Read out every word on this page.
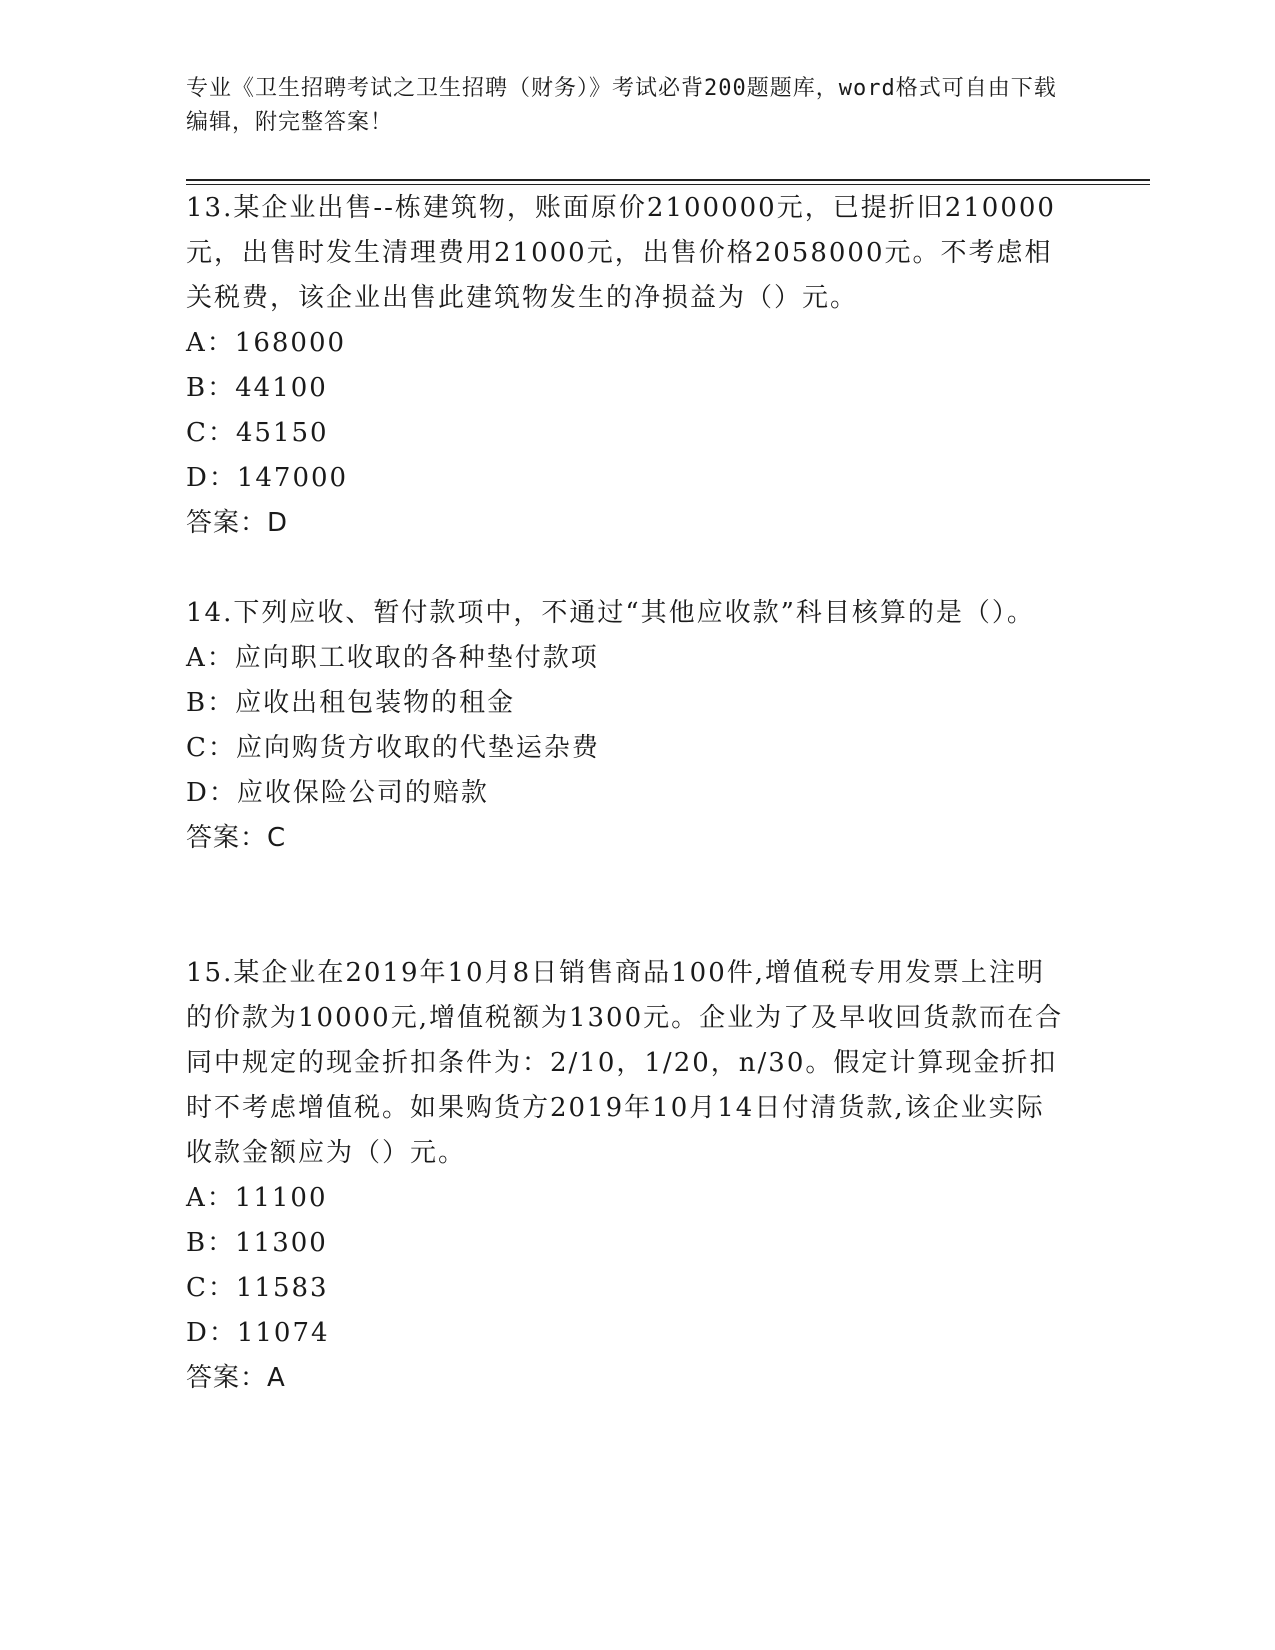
专业《卫生招聘考试之卫生招聘（财务）》考试必背200题题库，word格式可自由下载编辑，附完整答案！

13.某企业出售--栋建筑物，账面原价2100000元，已提折旧210000元，出售时发生清理费用21000元，出售价格2058000元。不考虑相关税费，该企业出售此建筑物发生的净损益为（）元。

A：168000

B：44100

C：45150

D：147000

答案：D

14.下列应收、暂付款项中，不通过“其他应收款”科目核算的是（）。

A：应向职工收取的各种垫付款项

B：应收出租包装物的租金

C：应向购货方收取的代垫运杂费

D：应收保险公司的赔款

答案：C

15.某企业在2019年10月8日销售商品100件,增值税专用发票上注明的价款为10000元,增值税额为1300元。企业为了及早收回货款而在合同中规定的现金折扣条件为：2/10，1/20，n/30。假定计算现金折扣时不考虑增值税。如果购货方2019年10月14日付清货款,该企业实际收款金额应为（）元。

A：11100

B：11300

C：11583

D：11074

答案：A
